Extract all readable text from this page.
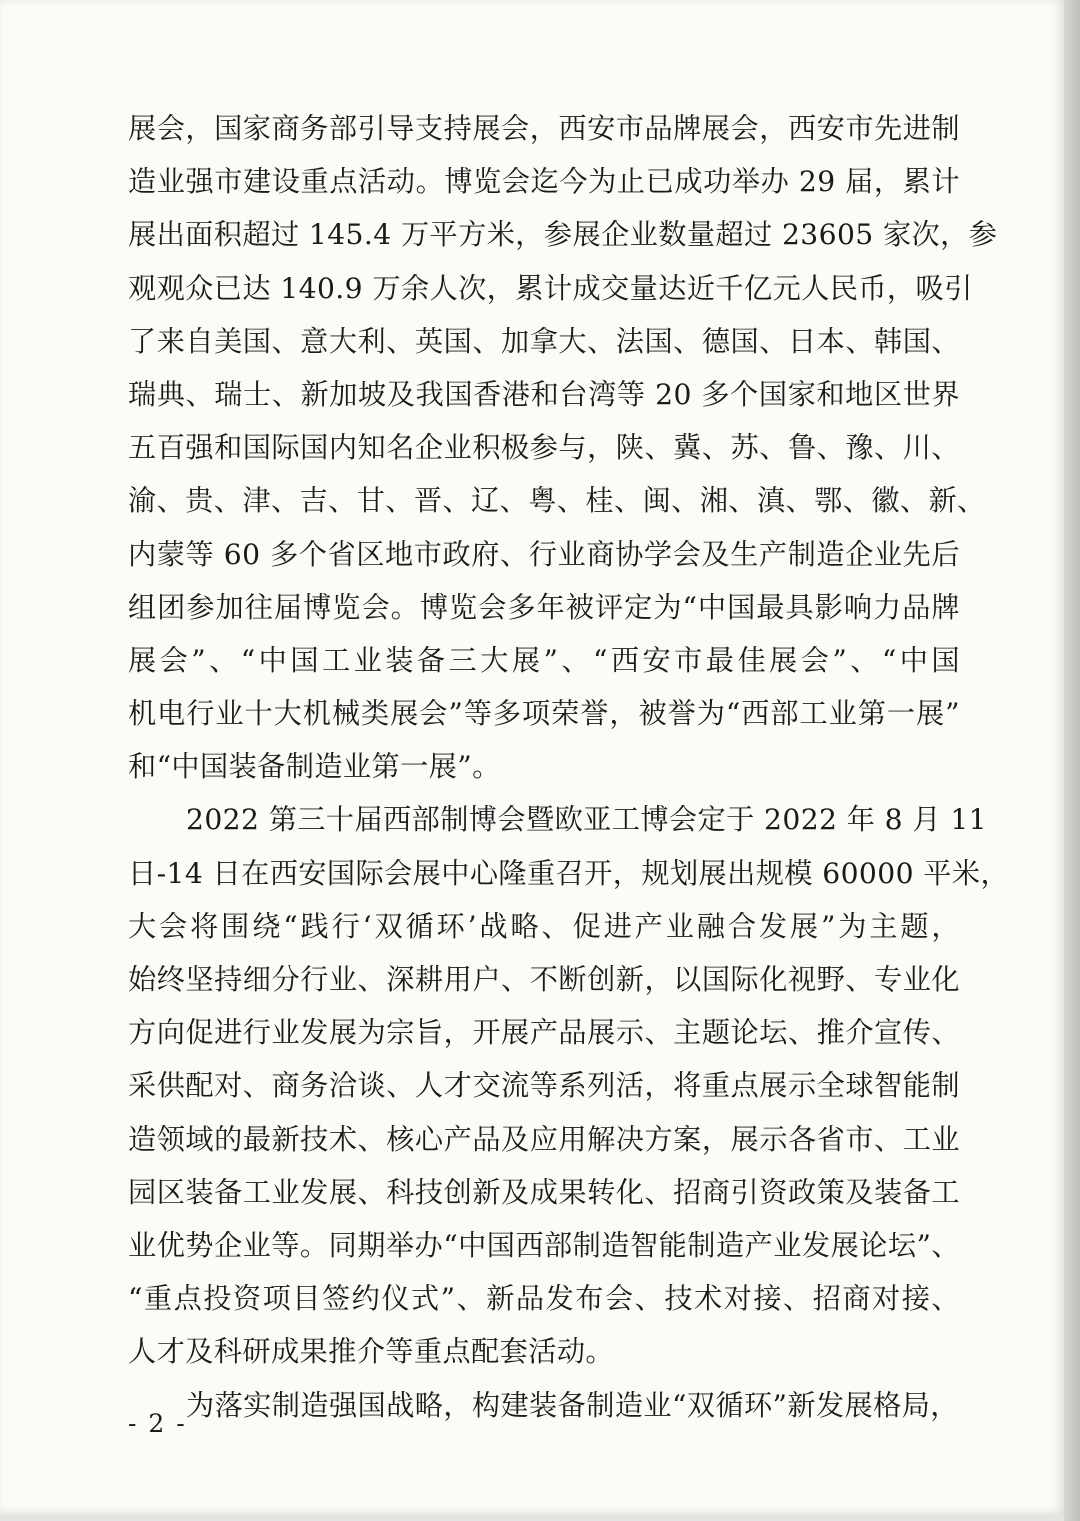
展会，国家商务部引导支持展会，西安市品牌展会，西安市先进制
造业强市建设重点活动。博览会迄今为止已成功举办 29 届，累计
展出面积超过 145.4 万平方米，参展企业数量超过 23605 家次，参
观观众已达 140.9 万余人次，累计成交量达近千亿元人民币，吸引
了来自美国、意大利、英国、加拿大、法国、德国、日本、韩国、
瑞典、瑞士、新加坡及我国香港和台湾等 20 多个国家和地区世界
五百强和国际国内知名企业积极参与，陕、冀、苏、鲁、豫、川、
渝、贵、津、吉、甘、晋、辽、粤、桂、闽、湘、滇、鄂、徽、新、
内蒙等 60 多个省区地市政府、行业商协学会及生产制造企业先后
组团参加往届博览会。博览会多年被评定为“中国最具影响力品牌
展会”、“中国工业装备三大展”、“西安市最佳展会”、“中国
机电行业十大机械类展会”等多项荣誉，被誉为“西部工业第一展”
和“中国装备制造业第一展”。
2022 第三十届西部制博会暨欧亚工博会定于 2022 年 8 月 11
日-14 日在西安国际会展中心隆重召开，规划展出规模 60000 平米，
大会将围绕“践行‘双循环’战略、促进产业融合发展”为主题，
始终坚持细分行业、深耕用户、不断创新，以国际化视野、专业化
方向促进行业发展为宗旨，开展产品展示、主题论坛、推介宣传、
采供配对、商务洽谈、人才交流等系列活，将重点展示全球智能制
造领域的最新技术、核心产品及应用解决方案，展示各省市、工业
园区装备工业发展、科技创新及成果转化、招商引资政策及装备工
业优势企业等。同期举办“中国西部制造智能制造产业发展论坛”、
“重点投资项目签约仪式”、新品发布会、技术对接、招商对接、
人才及科研成果推介等重点配套活动。
为落实制造强国战略，构建装备制造业“双循环”新发展格局，
- 2 -
